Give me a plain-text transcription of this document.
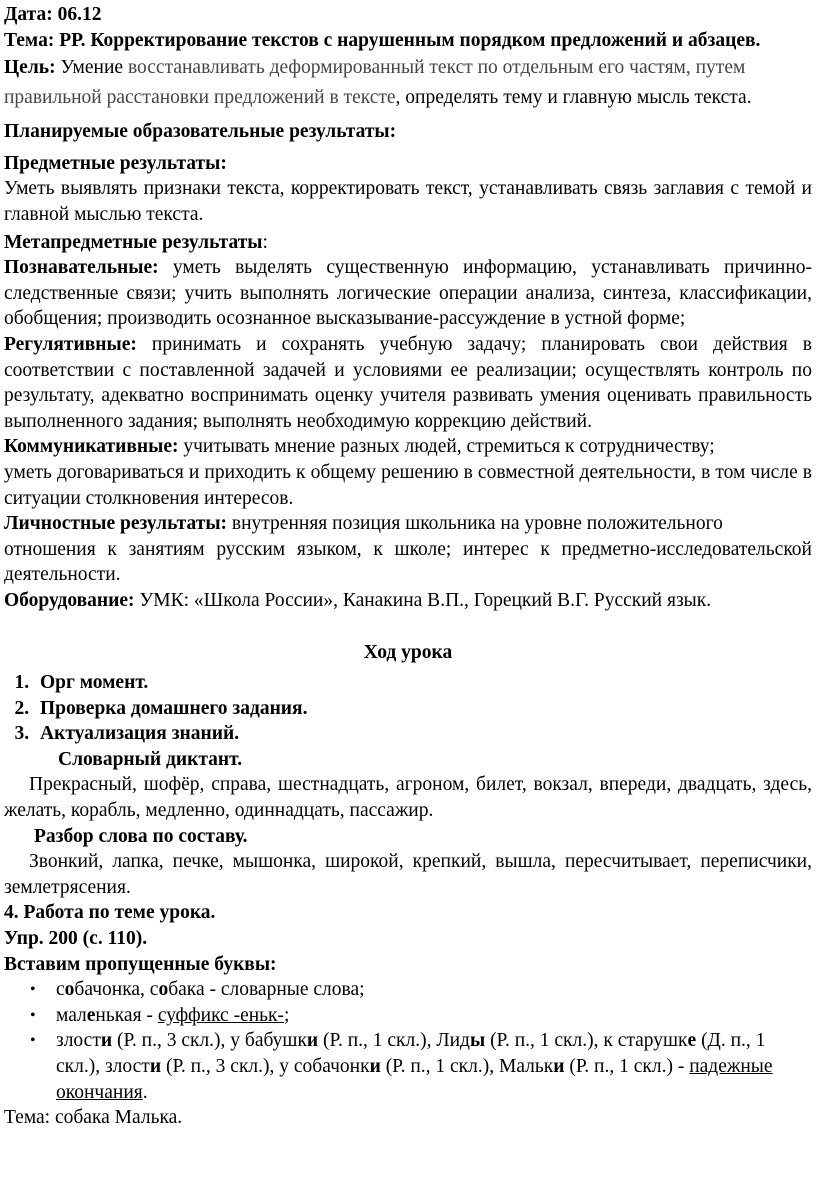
Дата: 06.12

Тема: РР. Корректирование текстов с нарушенным порядком предложений и абзацев.

Цель: Умение восстанавливать деформированный текст по отдельным его частям, путем правильной расстановки предложений в тексте, определять тему и главную мысль текста.

Планируемые образовательные результаты:

Предметные результаты:

Уметь выявлять признаки текста, корректировать текст, устанавливать связь заглавия с темой и главной мыслью текста.

Метапредметные результаты:

Познавательные: уметь выделять существенную информацию, устанавливать причинно-следственные связи; учить выполнять логические операции анализа, синтеза, классификации, обобщения; производить осознанное высказывание-рассуждение в устной форме;

Регулятивные: принимать и сохранять учебную задачу; планировать свои действия в соответствии с поставленной задачей и условиями ее реализации; осуществлять контроль по результату, адекватно воспринимать оценку учителя развивать умения оценивать правильность выполненного задания; выполнять необходимую коррекцию действий.

Коммуникативные: учитывать мнение разных людей, стремиться к сотрудничеству;

уметь договариваться и приходить к общему решению в совместной деятельности, в том числе в ситуации столкновения интересов.

Личностные результаты: внутренняя позиция школьника на уровне положительного

отношения к занятиям русским языком, к школе; интерес к предметно-исследовательской деятельности.

Оборудование: УМК: «Школа России», Канакина В.П., Горецкий В.Г. Русский язык.

Ход урока

1. Орг момент.
2. Проверка домашнего задания.
3. Актуализация знаний.

Словарный диктант.

Прекрасный, шофёр, справа, шестнадцать, агроном, билет, вокзал, впереди, двадцать, здесь, желать, корабль, медленно, одиннадцать, пассажир.

Разбор слова по составу.

Звонкий, лапка, печке, мышонка, широкой, крепкий, вышла, пересчитывает, переписчики, землетрясения.

4. Работа по теме урока.

Упр. 200 (с. 110).

Вставим пропущенные буквы:

• собачонка, собака - словарные слова;
• маленькая - суффикс -еньк-;
• злости (Р. п., 3 скл.), у бабушки (Р. п., 1 скл.), Лиды (Р. п., 1 скл.), к старушке (Д. п., 1 скл.), злости (Р. п., 3 скл.), у собачонки (Р. п., 1 скл.), Мальки (Р. п., 1 скл.) - падежные окончания.

Тема: собака Малька.
